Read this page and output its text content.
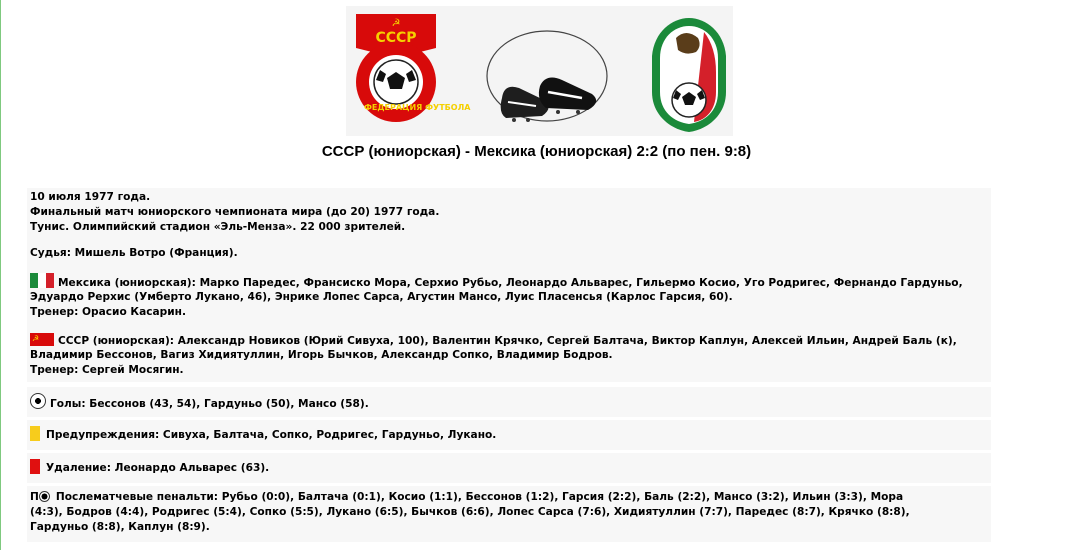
СССР
☭
ФЕДЕРАЦИЯ ФУТБОЛА
СССР (юниорская) - Мексика (юниорская) 2:2 (по пен. 9:8)
10 июля 1977 года.
Финальный матч юниорского чемпионата мира (до 20) 1977 года.
Тунис. Олимпийский стадион «Эль-Менза». 22 000 зрителей.
Судья: Мишель Вотро (Франция).
Мексика (юниорская): Марко Паредес, Франсиско Мора, Серхио Рубьо, Леонардо Альварес, Гильермо Косио, Уго Родригес, Фернандо Гардуньо,
Эдуардо Рерхис (Умберто Лукано, 46), Энрике Лопес Сарса, Агустин Мансо, Луис Пласенсья (Карлос Гарсия, 60).
Тренер: Орасио Касарин.
☭СССР (юниорская): Александр Новиков (Юрий Сивуха, 100), Валентин Крячко, Сергей Балтача, Виктор Каплун, Алексей Ильин, Андрей Баль (к),
Владимир Бессонов, Вагиз Хидиятуллин, Игорь Бычков, Александр Сопко, Владимир Бодров.
Тренер: Сергей Мосягин.
Голы: Бессонов (43, 54), Гардуньо (50), Мансо (58).
Предупреждения: Сивуха, Балтача, Сопко, Родригес, Гардуньо, Лукано.
Удаление: Леонардо Альварес (63).
П Послематчевые пенальти: Рубьо (0:0), Балтача (0:1), Косио (1:1), Бессонов (1:2), Гарсия (2:2), Баль (2:2), Мансо (3:2), Ильин (3:3), Мора
(4:3), Бодров (4:4), Родригес (5:4), Сопко (5:5), Лукано (6:5), Бычков (6:6), Лопес Сарса (7:6), Хидиятуллин (7:7), Паредес (8:7), Крячко (8:8),
Гардуньо (8:8), Каплун (8:9).
